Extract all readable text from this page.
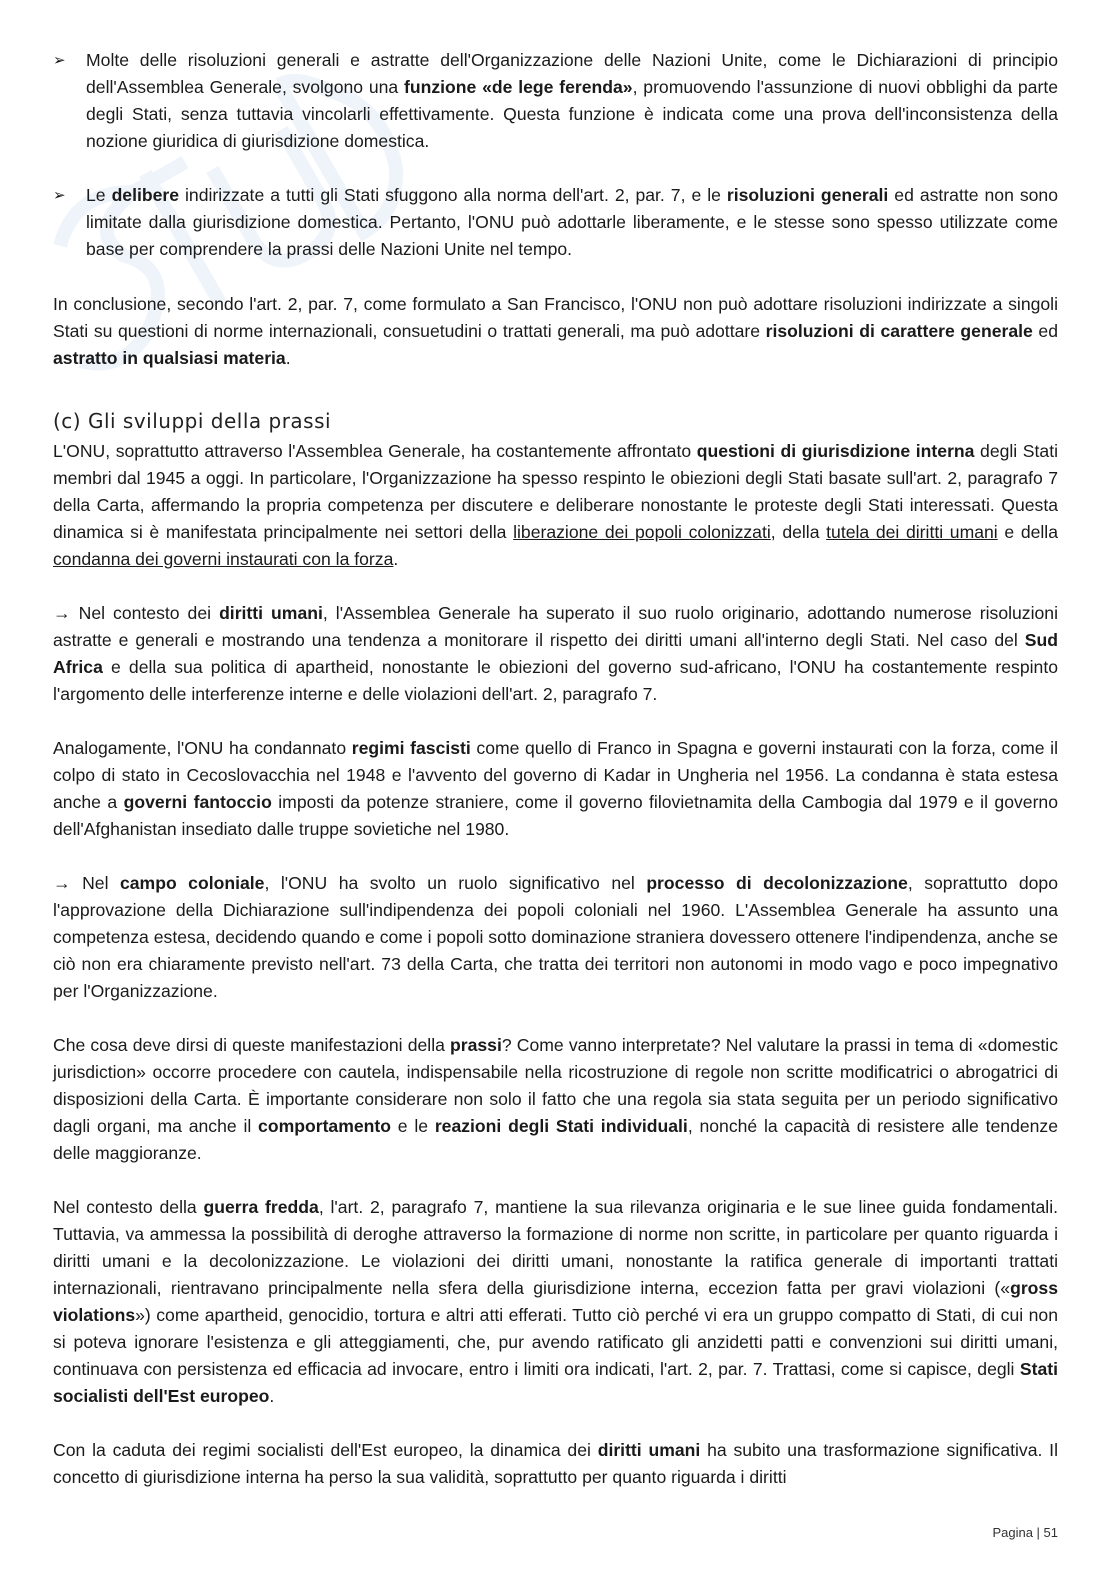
➢ Molte delle risoluzioni generali e astratte dell'Organizzazione delle Nazioni Unite, come le Dichiarazioni di principio dell'Assemblea Generale, svolgono una funzione «de lege ferenda», promuovendo l'assunzione di nuovi obblighi da parte degli Stati, senza tuttavia vincolarli effettivamente. Questa funzione è indicata come una prova dell'inconsistenza della nozione giuridica di giurisdizione domestica.
➢ Le delibere indirizzate a tutti gli Stati sfuggono alla norma dell'art. 2, par. 7, e le risoluzioni generali ed astratte non sono limitate dalla giurisdizione domestica. Pertanto, l'ONU può adottarle liberamente, e le stesse sono spesso utilizzate come base per comprendere la prassi delle Nazioni Unite nel tempo.

In conclusione, secondo l'art. 2, par. 7, come formulato a San Francisco, l'ONU non può adottare risoluzioni indirizzate a singoli Stati su questioni di norme internazionali, consuetudini o trattati generali, ma può adottare risoluzioni di carattere generale ed astratto in qualsiasi materia.

(c) Gli sviluppi della prassi

L'ONU, soprattutto attraverso l'Assemblea Generale, ha costantemente affrontato questioni di giurisdizione interna degli Stati membri dal 1945 a oggi. In particolare, l'Organizzazione ha spesso respinto le obiezioni degli Stati basate sull'art. 2, paragrafo 7 della Carta, affermando la propria competenza per discutere e deliberare nonostante le proteste degli Stati interessati. Questa dinamica si è manifestata principalmente nei settori della liberazione dei popoli colonizzati, della tutela dei diritti umani e della condanna dei governi instaurati con la forza.

→ Nel contesto dei diritti umani, l'Assemblea Generale ha superato il suo ruolo originario, adottando numerose risoluzioni astratte e generali e mostrando una tendenza a monitorare il rispetto dei diritti umani all'interno degli Stati. Nel caso del Sud Africa e della sua politica di apartheid, nonostante le obiezioni del governo sud-africano, l'ONU ha costantemente respinto l'argomento delle interferenze interne e delle violazioni dell'art. 2, paragrafo 7.

Analogamente, l'ONU ha condannato regimi fascisti come quello di Franco in Spagna e governi instaurati con la forza, come il colpo di stato in Cecoslovacchia nel 1948 e l'avvento del governo di Kadar in Ungheria nel 1956. La condanna è stata estesa anche a governi fantoccio imposti da potenze straniere, come il governo filovietnamita della Cambogia dal 1979 e il governo dell'Afghanistan insediato dalle truppe sovietiche nel 1980.

→ Nel campo coloniale, l'ONU ha svolto un ruolo significativo nel processo di decolonizzazione, soprattutto dopo l'approvazione della Dichiarazione sull'indipendenza dei popoli coloniali nel 1960. L'Assemblea Generale ha assunto una competenza estesa, decidendo quando e come i popoli sotto dominazione straniera dovessero ottenere l'indipendenza, anche se ciò non era chiaramente previsto nell'art. 73 della Carta, che tratta dei territori non autonomi in modo vago e poco impegnativo per l'Organizzazione.

Che cosa deve dirsi di queste manifestazioni della prassi? Come vanno interpretate? Nel valutare la prassi in tema di «domestic jurisdiction» occorre procedere con cautela, indispensabile nella ricostruzione di regole non scritte modificatrici o abrogatrici di disposizioni della Carta. È importante considerare non solo il fatto che una regola sia stata seguita per un periodo significativo dagli organi, ma anche il comportamento e le reazioni degli Stati individuali, nonché la capacità di resistere alle tendenze delle maggioranze.

Nel contesto della guerra fredda, l'art. 2, paragrafo 7, mantiene la sua rilevanza originaria e le sue linee guida fondamentali. Tuttavia, va ammessa la possibilità di deroghe attraverso la formazione di norme non scritte, in particolare per quanto riguarda i diritti umani e la decolonizzazione. Le violazioni dei diritti umani, nonostante la ratifica generale di importanti trattati internazionali, rientravano principalmente nella sfera della giurisdizione interna, eccezion fatta per gravi violazioni («gross violations») come apartheid, genocidio, tortura e altri atti efferati. Tutto ciò perché vi era un gruppo compatto di Stati, di cui non si poteva ignorare l'esistenza e gli atteggiamenti, che, pur avendo ratificato gli anzidetti patti e convenzioni sui diritti umani, continuava con persistenza ed efficacia ad invocare, entro i limiti ora indicati, l'art. 2, par. 7. Trattasi, come si capisce, degli Stati socialisti dell'Est europeo.

Con la caduta dei regimi socialisti dell'Est europeo, la dinamica dei diritti umani ha subito una trasformazione significativa. Il concetto di giurisdizione interna ha perso la sua validità, soprattutto per quanto riguarda i diritti

Pagina | 51
